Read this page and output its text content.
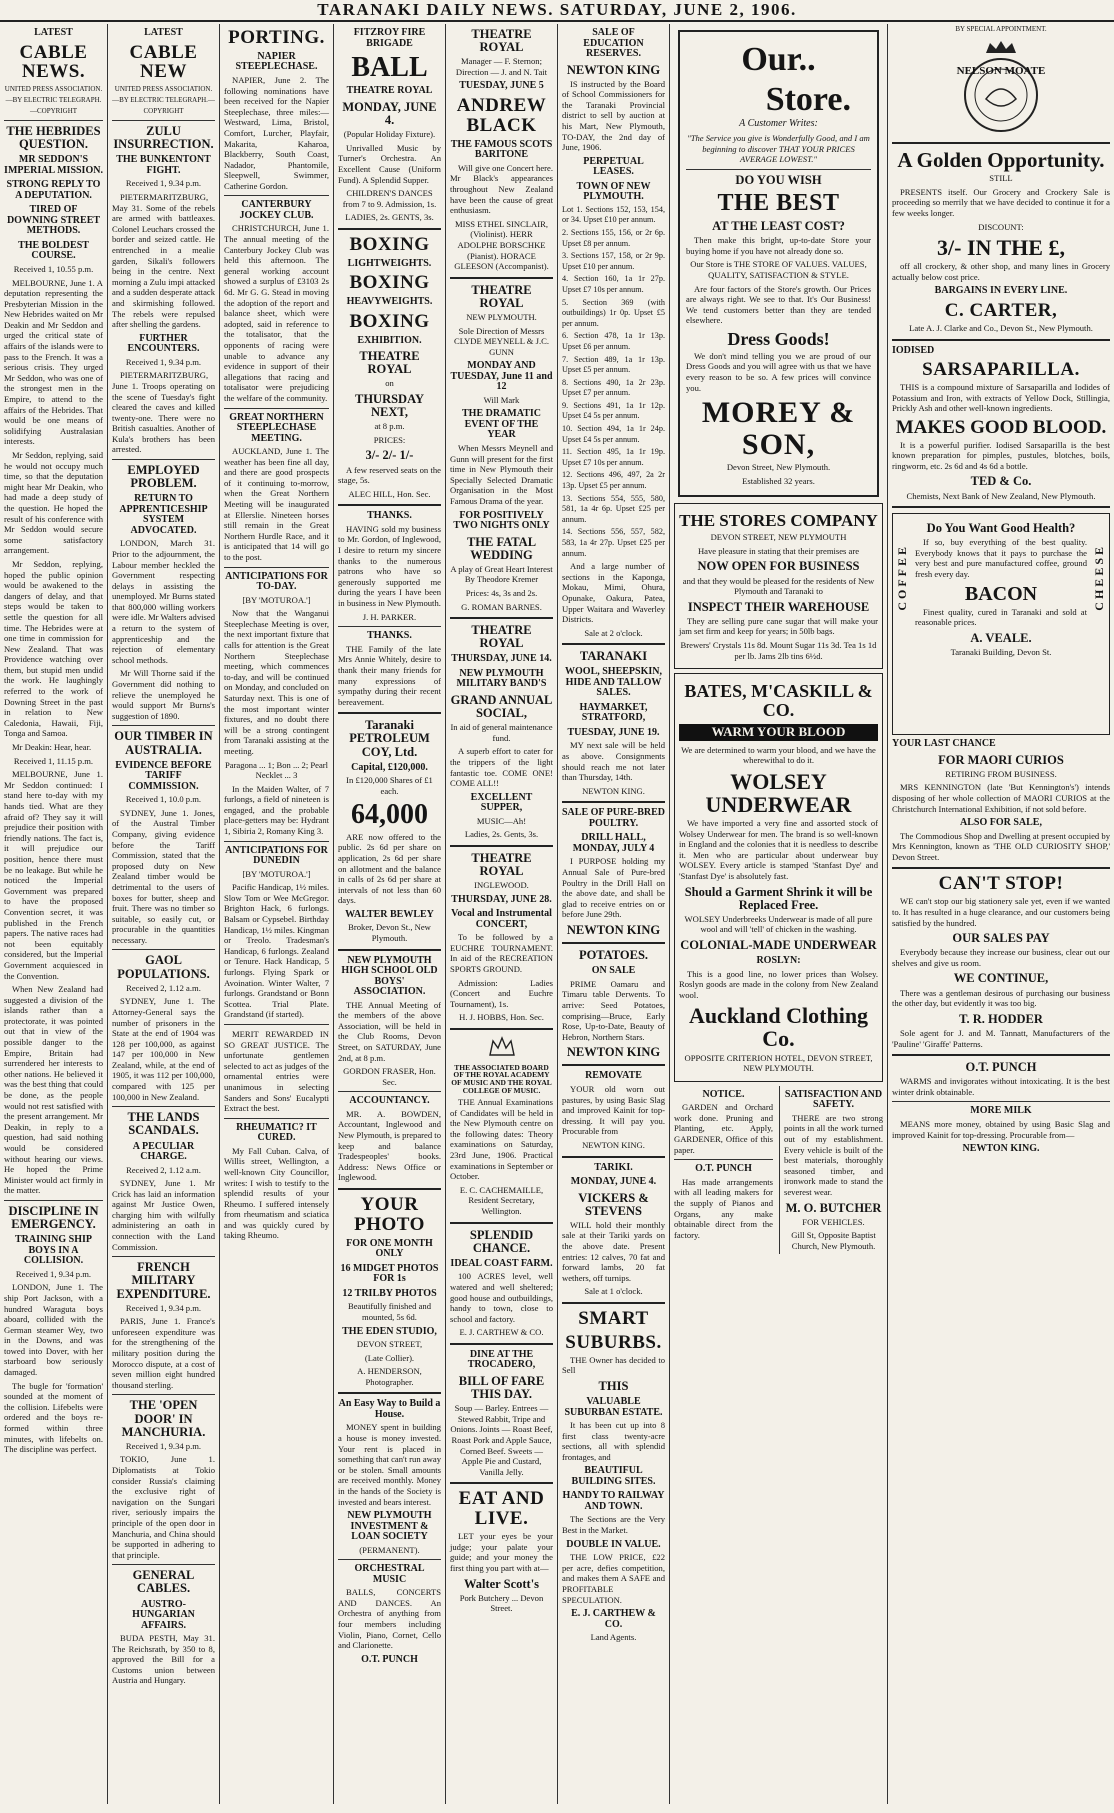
TARANAKI DAILY NEWS. SATURDAY, JUNE 2, 1906.
LATEST
CABLE NEWS.
UNITED PRESS ASSOCIATION.—BY ELECTRIC TELEGRAPH.—COPYRIGHT
THE HEBRIDES QUESTION.
MR SEDDON'S IMPERIAL MISSION.
STRONG REPLY TO A DEPUTATION.
TIRED OF DOWNING STREET METHODS.
THE BOLDEST COURSE.

Received 1, 10.55 p.m.

MELBOURNE, June 1. A deputation representing the Presbyterian Mission in the New Hebrides waited on Mr Deakin and Mr Seddon and urged the critical state of affairs of the islands were to pass to the French. It was a serious crisis. They urged Mr Seddon, who was one of the strongest men in the Empire, to attend to the affairs of the Hebrides. That would be one means of solidifying Australasian interests.

Mr Seddon, replying, said he would not occupy much time, so that the deputation might hear Mr Deakin, who had made a deep study of the question. He hoped the result of his conference with Mr Seddon would secure some satisfactory arrangement.

Mr Seddon, replying, hoped the public opinion would be awakened to the dangers of delay, and that steps would be taken to settle the question for all time. The Hebrides were at one time in commission for New Zealand. That was Providence watching over them, but stupid men undid the work. He laughingly referred to the work of Downing Street in the past in relation to New Caledonia, Hawaii, Fiji, Tonga and Samoa.

Mr Deakin: Hear, hear.

Received 1, 11.15 p.m.

MELBOURNE, June 1. Mr Seddon continued: I stand here to-day with my hands tied. What are they afraid of? They say it will prejudice their position with friendly nations. The fact is, it will prejudice our position, hence there must be no leakage. But while he noticed the Imperial Government was prepared to have the proposed Convention secret, it was published in the French papers. The native races had not been equitably considered, but the Imperial Government acquiesced in the Convention.

When New Zealand had suggested a division of the islands rather than a protectorate, it was pointed out that in view of the possible danger to the Empire, Britain had surrendered her interests to other nations. He believed it was the best thing that could be done, as the people would not rest satisfied with the present arrangement. Mr Deakin, in reply to a question, had said nothing would be considered without hearing our views. He hoped the Prime Minister would act firmly in the matter.

DISCIPLINE IN EMERGENCY.
TRAINING SHIP BOYS IN A COLLISION.

Received 1, 9.34 p.m.

LONDON, June 1. The ship Port Jackson, with a hundred Waraguta boys aboard, collided with the German steamer Wey, two in the Downs, and was towed into Dover, with her starboard bow seriously damaged.

The bugle for 'formation' sounded at the moment of the collision. Lifebelts were ordered and the boys re-formed within three minutes, with lifebelts on. The discipline was perfect.

LATEST
CABLE NEW
UNITED PRESS ASSOCIATION.—BY ELECTRIC TELEGRAPH.—COPYRIGHT
ZULU INSURRECTION.
THE BUNKENTONT FIGHT.

Received 1, 9.34 p.m.

PIETERMARITZBURG, May 31. Some of the rebels are armed with battleaxes. Colonel Leuchars crossed the border and seized cattle. He entrenched in a mealie garden, Sikali's followers being in the centre. Next morning a Zulu impi attacked and a sudden desperate attack and skirmishing followed. The rebels were repulsed after shelling the gardens.

FURTHER ENCOUNTERS.

Received 1, 9.34 p.m.

PIETERMARITZBURG, June 1. Troops operating on the scene of Tuesday's fight cleared the caves and killed twenty-one. There were no British casualties. Another of Kula's brothers has been arrested.

EMPLOYED PROBLEM.
RETURN TO APPRENTICESHIP SYSTEM ADVOCATED.

LONDON, March 31. Prior to the adjournment, the Labour member heckled the Government respecting delays in assisting the unemployed. Mr Burns stated that 800,000 willing workers were idle. Mr Walters advised a return to the system of apprenticeship and the rejection of elementary school methods.

Mr Will Thorne said if the Government did nothing to relieve the unemployed he would support Mr Burns's suggestion of 1890.

OUR TIMBER IN AUSTRALIA.
EVIDENCE BEFORE TARIFF COMMISSION.

Received 1, 10.0 p.m.

SYDNEY, June 1. Jones, of the Austral Timber Company, giving evidence before the Tariff Commission, stated that the proposed duty on New Zealand timber would be detrimental to the users of boxes for butter, sheep and fruit. There was no timber so suitable, so easily cut, or procurable in the quantities necessary.

GAOL POPULATIONS.

Received 2, 1.12 a.m.

SYDNEY, June 1. The Attorney-General says the number of prisoners in the State at the end of 1904 was 128 per 100,000, as against 147 per 100,000 in New Zealand, while, at the end of 1905, it was 112 per 100,000, compared with 125 per 100,000 in New Zealand.

THE LANDS SCANDALS.
A PECULIAR CHARGE.

Received 2, 1.12 a.m.

SYDNEY, June 1. Mr Crick has laid an information against Mr Justice Owen, charging him with wilfully administering an oath in connection with the Land Commission.

FRENCH MILITARY EXPENDITURE.

Received 1, 9.34 p.m.

PARIS, June 1. France's unforeseen expenditure was for the strengthening of the military position during the Morocco dispute, at a cost of seven million eight hundred thousand sterling.

THE 'OPEN DOOR' IN MANCHURIA.

Received 1, 9.34 p.m.

TOKIO, June 1. Diplomatists at Tokio consider Russia's claiming the exclusive right of navigation on the Sungari river, seriously impairs the principle of the open door in Manchuria, and China should be supported in adhering to that principle.

GENERAL CABLES.
AUSTRO-HUNGARIAN AFFAIRS.

BUDA PESTH, May 31. The Reichsrath, by 350 to 8, approved the Bill for a Customs union between Austria and Hungary.

PORTING.
NAPIER STEEPLECHASE.

NAPIER, June 2. The following nominations have been received for the Napier Steeplechase, three miles:—Westward, Lima, Bristol, Comfort, Lurcher, Playfair, Makarita, Kaharoa, Blackberry, South Coast, Nadador, Phantomile, Sleepwell, Swimmer, Catherine Gordon.

CANTERBURY JOCKEY CLUB.

CHRISTCHURCH, June 1. The annual meeting of the Canterbury Jockey Club was held this afternoon. The general working account showed a surplus of £3103 2s 6d. Mr G. G. Stead in moving the adoption of the report and balance sheet, which were adopted, said in reference to the totalisator, that the opponents of racing were unable to advance any evidence in support of their allegations that racing and totalisator were prejudicing the welfare of the community.

GREAT NORTHERN STEEPLECHASE MEETING.

AUCKLAND, June 1. The weather has been fine all day, and there are good prospects of it continuing to-morrow, when the Great Northern Meeting will be inaugurated at Ellerslie. Nineteen horses still remain in the Great Northern Hurdle Race, and it is anticipated that 14 will go to the post.

ANTICIPATIONS FOR TO-DAY.

[BY 'MOTUROA.']

Now that the Wanganui Steeplechase Meeting is over, the next important fixture that calls for attention is the Great Northern Steeplechase meeting, which commences to-day, and will be continued on Monday, and concluded on Saturday next. This is one of the most important winter fixtures, and no doubt there will be a strong contingent from Taranaki assisting at the meeting.

Paragona ... 1; Bon ... 2; Pearl Necklet ... 3

In the Maiden Walter, of 7 furlongs, a field of nineteen is engaged, and the probable place-getters may be: Hydrant 1, Sibiria 2, Romany King 3.

ANTICIPATIONS FOR DUNEDIN

[BY 'MOTUROA.']

Pacific Handicap, 1½ miles. Slow Tom or Wee McGregor. Brighton Hack, 6 furlongs. Balsam or Cypsebel. Birthday Handicap, 1½ miles. Kingman or Treolo. Tradesman's Handicap, 6 furlongs. Zealand or Tenure. Hack Handicap, 5 furlongs. Flying Spark or Avoination. Winter Walter, 7 furlongs. Grandstand or Bonn Scottea. Trial Plate. Grandstand (if started).

MERIT REWARDED IN SO GREAT JUSTICE. The unfortunate gentlemen selected to act as judges of the ornamental entries were unanimous in selecting Sanders and Sons' Eucalypti Extract the best.

RHEUMATIC? IT CURED.

My Fall Cuban. Calva, of Willis street, Wellington, a well-known City Councillor, writes: I wish to testify to the splendid results of your Rheumo. I suffered intensely from rheumatism and sciatica and was quickly cured by taking Rheumo.

FITZROY FIRE BRIGADE
BALL
THEATRE ROYAL
MONDAY, JUNE 4.

(Popular Holiday Fixture).

Unrivalled Music by Turner's Orchestra. An Excellent Cause (Uniform Fund). A Splendid Supper.

CHILDREN'S DANCES from 7 to 9. Admission, 1s.

LADIES, 2s. GENTS, 3s.

BOXING
LIGHTWEIGHTS.
BOXING
HEAVYWEIGHTS.
BOXING
EXHIBITION.
THEATRE ROYAL

on

THURSDAY NEXT,

at 8 p.m.

PRICES:

3/- 2/- 1/-

A few reserved seats on the stage, 5s.

ALEC HILL, Hon. Sec.

THANKS.

HAVING sold my business to Mr. Gordon, of Inglewood, I desire to return my sincere thanks to the numerous patrons who have so generously supported me during the years I have been in business in New Plymouth.

J. H. PARKER.

THANKS.

THE Family of the late Mrs Annie Whitely, desire to thank their many friends for many expressions of sympathy during their recent bereavement.

Taranaki PETROLEUM COY, Ltd.
Capital, £120,000.

In £120,000 Shares of £1 each.

64,000

ARE now offered to the public. 2s 6d per share on application, 2s 6d per share on allotment and the balance in calls of 2s 6d per share at intervals of not less than 60 days.

WALTER BEWLEY

Broker, Devon St., New Plymouth.

NEW PLYMOUTH HIGH SCHOOL OLD BOYS' ASSOCIATION.

THE Annual Meeting of the members of the above Association, will be held in the Club Rooms, Devon Street, on SATURDAY, June 2nd, at 8 p.m.

GORDON FRASER, Hon. Sec.

ACCOUNTANCY.

MR. A. BOWDEN, Accountant, Inglewood and New Plymouth, is prepared to keep and balance Tradespeoples' books. Address: News Office or Inglewood.

YOUR PHOTO
FOR ONE MONTH ONLY
16 MIDGET PHOTOS FOR 1s
12 TRILBY PHOTOS

Beautifully finished and mounted, 5s 6d.

THE EDEN STUDIO,

DEVON STREET,

(Late Collier).

A. HENDERSON, Photographer.

An Easy Way to Build a House.

MONEY spent in building a house is money invested. Your rent is placed in something that can't run away or be stolen. Small amounts are received monthly. Money in the hands of the Society is invested and bears interest.

NEW PLYMOUTH INVESTMENT & LOAN SOCIETY

(PERMANENT).

ORCHESTRAL MUSIC

BALLS, CONCERTS AND DANCES. An Orchestra of anything from four members including Violin, Piano, Cornet, Cello and Clarionette.

O.T. PUNCH
THEATRE ROYAL

Manager — F. Sternon; Direction — J. and N. Tait

TUESDAY, JUNE 5
ANDREW BLACK
THE FAMOUS SCOTS BARITONE

Will give one Concert here. Mr Black's appearances throughout New Zealand have been the cause of great enthusiasm.

MISS ETHEL SINCLAIR, (Violinist). HERR ADOLPHE BORSCHKE (Pianist). HORACE GLEESON (Accompanist).

THEATRE ROYAL

NEW PLYMOUTH.

Sole Direction of Messrs CLYDE MEYNELL & J.C. GUNN

MONDAY AND TUESDAY, June 11 and 12

Will Mark

THE DRAMATIC EVENT OF THE YEAR

When Messrs Meynell and Gunn will present for the first time in New Plymouth their Specially Selected Dramatic Organisation in the Most Famous Drama of the year.

FOR POSITIVELY TWO NIGHTS ONLY
THE FATAL WEDDING

A play of Great Heart Interest By Theodore Kremer

Prices: 4s, 3s and 2s.

G. ROMAN BARNES.

THEATRE ROYAL
THURSDAY, JUNE 14.
NEW PLYMOUTH MILITARY BAND'S
GRAND ANNUAL SOCIAL,

In aid of general maintenance fund.

A superb effort to cater for the trippers of the light fantastic toe. COME ONE! COME ALL!!

EXCELLENT SUPPER,

MUSIC—Ah!

Ladies, 2s. Gents, 3s.

THEATRE ROYAL

INGLEWOOD.

THURSDAY, JUNE 28.
Vocal and Instrumental CONCERT,

To be followed by a EUCHRE TOURNAMENT. In aid of the RECREATION SPORTS GROUND.

Admission: Ladies (Concert and Euchre Tournament), 1s.

H. J. HOBBS, Hon. Sec.

THE ASSOCIATED BOARD OF THE ROYAL ACADEMY OF MUSIC AND THE ROYAL COLLEGE OF MUSIC.

THE Annual Examinations of Candidates will be held in the New Plymouth centre on the following dates: Theory examinations on Saturday, 23rd June, 1906. Practical examinations in September or October.

E. C. CACHEMAILLE, Resident Secretary, Wellington.

SPLENDID CHANCE.
IDEAL COAST FARM.

100 ACRES level, well watered and well sheltered; good house and outbuildings, handy to town, close to school and factory.

E. J. CARTHEW & CO.

DINE AT THE TROCADERO,
BILL OF FARE THIS DAY.

Soup — Barley. Entrees — Stewed Rabbit, Tripe and Onions. Joints — Roast Beef, Roast Pork and Apple Sauce, Corned Beef. Sweets — Apple Pie and Custard, Vanilla Jelly.

EAT AND LIVE.

LET your eyes be your judge; your palate your guide; and your money the first thing you part with at—

Walter Scott's

Pork Butchery ... Devon Street.

SALE OF EDUCATION RESERVES.
NEWTON KING

IS instructed by the Board of School Commissioners for the Taranaki Provincial district to sell by auction at his Mart, New Plymouth, TO-DAY, the 2nd day of June, 1906.

PERPETUAL LEASES.
TOWN OF NEW PLYMOUTH.

Lot 1. Sections 152, 153, 154, or 34. Upset £10 per annum.

2. Sections 155, 156, or 2r 6p. Upset £8 per annum.

3. Sections 157, 158, or 2r 9p. Upset £10 per annum.

4. Section 160, 1a 1r 27p. Upset £7 10s per annum.

5. Section 369 (with outbuildings) 1r 0p. Upset £5 per annum.

6. Section 478, 1a 1r 13p. Upset £6 per annum.

7. Section 489, 1a 1r 13p. Upset £5 per annum.

8. Sections 490, 1a 2r 23p. Upset £7 per annum.

9. Sections 491, 1a 1r 12p. Upset £4 5s per annum.

10. Section 494, 1a 1r 24p. Upset £4 5s per annum.

11. Section 495, 1a 1r 19p. Upset £7 10s per annum.

12. Sections 496, 497, 2a 2r 13p. Upset £5 per annum.

13. Sections 554, 555, 580, 581, 1a 4r 6p. Upset £25 per annum.

14. Sections 556, 557, 582, 583, 1a 4r 27p. Upset £25 per annum.

And a large number of sections in the Kaponga, Mokau, Mimi, Ohura, Opunake, Oakura, Patea, Upper Waitara and Waverley Districts.

Sale at 2 o'clock.

TARANAKI
WOOL, SHEEPSKIN, HIDE AND TALLOW SALES.
HAYMARKET, STRATFORD,
TUESDAY, JUNE 19.

MY next sale will be held as above. Consignments should reach me not later than Thursday, 14th.

NEWTON KING.

SALE OF PURE-BRED POULTRY.
DRILL HALL, MONDAY, JULY 4

I PURPOSE holding my Annual Sale of Pure-bred Poultry in the Drill Hall on the above date, and shall be glad to receive entries on or before June 29th.

NEWTON KING
POTATOES.
ON SALE

PRIME Oamaru and Timaru table Derwents. To arrive: Seed Potatoes, comprising—Bruce, Early Rose, Up-to-Date, Beauty of Hebron, Northern Stars.

NEWTON KING
REMOVATE

YOUR old worn out pastures, by using Basic Slag and improved Kainit for top-dressing. It will pay you. Procurable from

NEWTON KING.

TARIKI.
MONDAY, JUNE 4.
VICKERS & STEVENS

WILL hold their monthly sale at their Tariki yards on the above date. Present entries: 12 calves, 70 fat and forward lambs, 20 fat wethers, off turnips.

Sale at 1 o'clock.

SMART
SUBURBS.

THE Owner has decided to Sell

THIS
VALUABLE SUBURBAN ESTATE.

It has been cut up into 8 first class twenty-acre sections, all with splendid frontages, and

BEAUTIFUL BUILDING SITES.
HANDY TO RAILWAY AND TOWN.

The Sections are the Very Best in the Market.

DOUBLE IN VALUE.

THE LOW PRICE, £22 per acre, defies competition, and makes them A SAFE and PROFITABLE SPECULATION.

E. J. CARTHEW & CO.

Land Agents.

Our..
Store.

A Customer Writes:

"The Service you give is Wonderfully Good, and I am beginning to discover THAT YOUR PRICES AVERAGE LOWEST."

DO YOU WISH
THE BEST
AT THE LEAST COST?

Then make this bright, up-to-date Store your buying home if you have not already done so.

Our Store is THE STORE OF VALUES. VALUES, QUALITY, SATISFACTION & STYLE.

Are four factors of the Store's growth. Our Prices are always right. We see to that. It's Our Business! We tend customers better than they are tended elsewhere.

Dress Goods!

We don't mind telling you we are proud of our Dress Goods and you will agree with us that we have every reason to be so. A few prices will convince you.

MOREY & SON,

Devon Street, New Plymouth.

Established 32 years.

THE STORES COMPANY

DEVON STREET, NEW PLYMOUTH

Have pleasure in stating that their premises are

NOW OPEN FOR BUSINESS

and that they would be pleased for the residents of New Plymouth and Taranaki to

INSPECT THEIR WAREHOUSE

They are selling pure cane sugar that will make your jam set firm and keep for years; in 50lb bags.

Brewers' Crystals 11s 8d. Mount Sugar 11s 3d. Tea 1s 1d per lb. Jams 2lb tins 6½d.

BATES, M'CASKILL & CO.
WARM YOUR BLOOD

We are determined to warm your blood, and we have the wherewithal to do it.

WOLSEY UNDERWEAR

We have imported a very fine and assorted stock of Wolsey Underwear for men. The brand is so well-known in England and the colonies that it is needless to describe it. Men who are particular about underwear buy WOLSEY. Every article is stamped 'Stanfast Dye' and 'Stanfast Dye' is absolutely fast.

Should a Garment Shrink it will be Replaced Free.

WOLSEY Underbreeks Underwear is made of all pure wool and will 'tell' of chicken in the washing.

COLONIAL-MADE UNDERWEAR
ROSLYN:

This is a good line, no lower prices than Wolsey. Roslyn goods are made in the colony from New Zealand wool.

Auckland Clothing Co.

OPPOSITE CRITERION HOTEL, DEVON STREET, NEW PLYMOUTH.

NOTICE.

GARDEN and Orchard work done. Pruning and Planting, etc. Apply, GARDENER, Office of this paper.

O.T. PUNCH

Has made arrangements with all leading makers for the supply of Pianos and Organs, any make obtainable direct from the factory.

SATISFACTION AND SAFETY.

THERE are two strong points in all the work turned out of my establishment. Every vehicle is built of the best materials, thoroughly seasoned timber, and ironwork made to stand the severest wear.

M. O. BUTCHER

FOR VEHICLES.

Gill St, Opposite Baptist Church, New Plymouth.

BY SPECIAL APPOINTMENT.

NELSON MOATE
A Golden Opportunity.

STILL

PRESENTS itself. Our Grocery and Crockery Sale is proceeding so merrily that we have decided to continue it for a few weeks longer.

DISCOUNT:

3/- IN THE £,

off all crockery, & other shop, and many lines in Grocery actually below cost price.

BARGAINS IN EVERY LINE.
C. CARTER,

Late A. J. Clarke and Co., Devon St., New Plymouth.

IODISED
SARSAPARILLA.

THIS is a compound mixture of Sarsaparilla and Iodides of Potassium and Iron, with extracts of Yellow Dock, Stillingia, Prickly Ash and other well-known ingredients.

MAKES GOOD BLOOD.

It is a powerful purifier. Iodised Sarsaparilla is the best known preparation for pimples, pustules, blotches, boils, ringworm, etc. 2s 6d and 4s 6d a bottle.

TED & Co.

Chemists, Next Bank of New Zealand, New Plymouth.

COFFEE	CHEESE
Do You Want Good Health?

If so, buy everything of the best quality. Everybody knows that it pays to purchase the very best and pure manufactured coffee, ground fresh every day.

BACON

Finest quality, cured in Taranaki and sold at reasonable prices.

A. VEALE.

Taranaki Building, Devon St.

YOUR LAST CHANCE
FOR MAORI CURIOS

RETIRING FROM BUSINESS.

MRS KENNINGTON (late 'But Kennington's') intends disposing of her whole collection of MAORI CURIOS at the Christchurch International Exhibition, if not sold before.

ALSO FOR SALE,

The Commodious Shop and Dwelling at present occupied by Mrs Kennington, known as 'THE OLD CURIOSITY SHOP,' Devon Street.

CAN'T STOP!

WE can't stop our big stationery sale yet, even if we wanted to. It has resulted in a huge clearance, and our customers being satisfied by the hundred.

OUR SALES PAY

Everybody because they increase our business, clear out our shelves and give us room.

WE CONTINUE,

There was a gentleman desirous of purchasing our business the other day, but evidently it was too big.

T. R. HODDER

Sole agent for J. and M. Tannatt, Manufacturers of the 'Pauline' 'Giraffe' Patterns.

O.T. PUNCH

WARMS and invigorates without intoxicating. It is the best winter drink obtainable.

MORE MILK

MEANS more money, obtained by using Basic Slag and improved Kainit for top-dressing. Procurable from—

NEWTON KING.
